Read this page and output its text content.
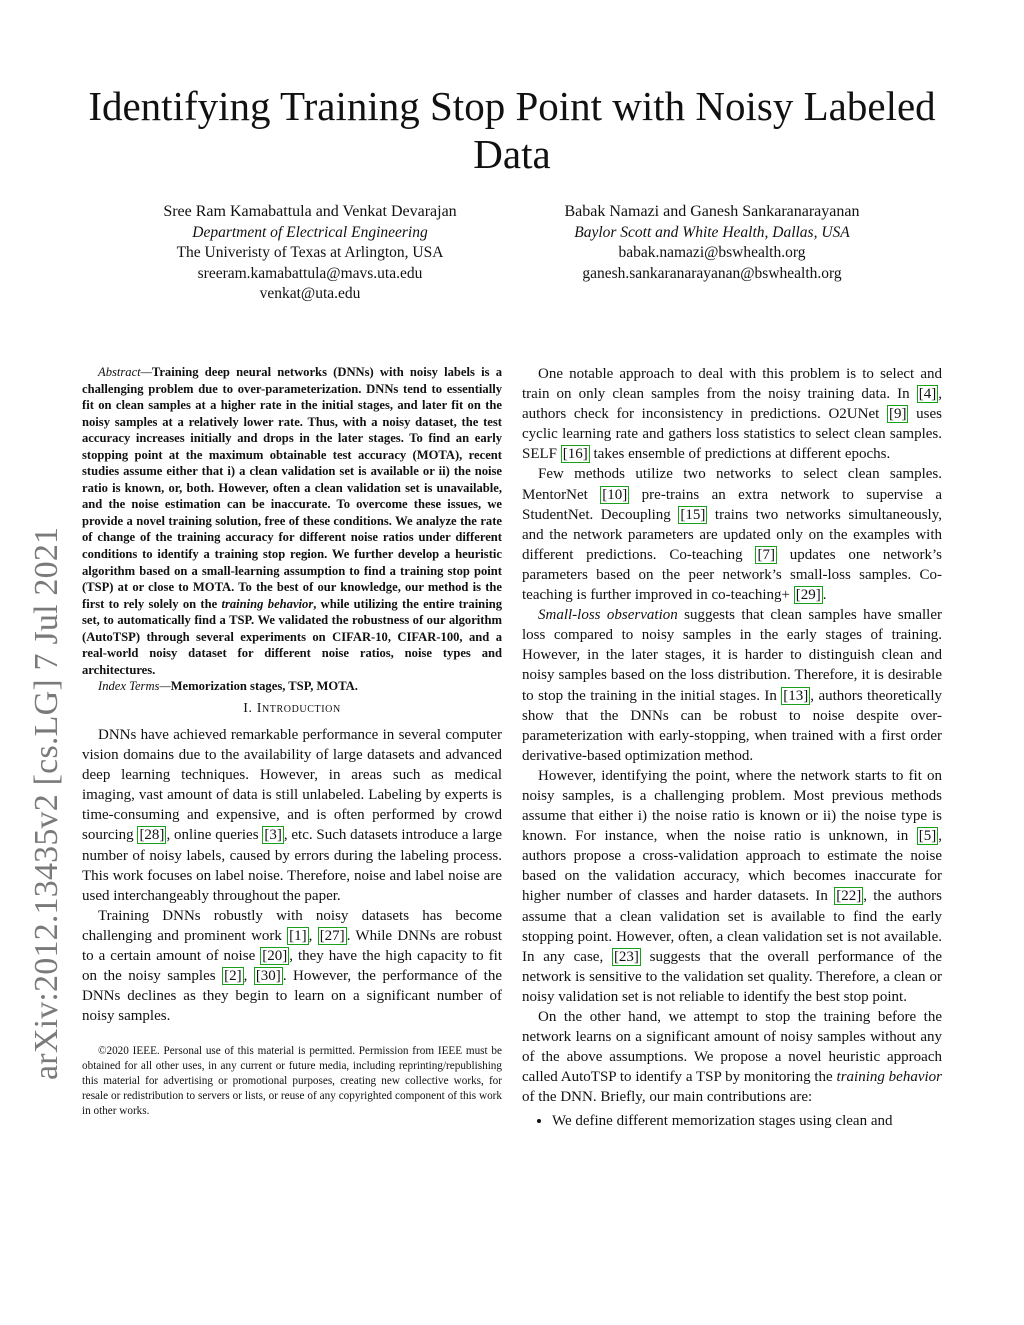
arXiv:2012.13435v2 [cs.LG] 7 Jul 2021
Identifying Training Stop Point with Noisy Labeled Data
Sree Ram Kamabattula and Venkat Devarajan
Department of Electrical Engineering
The Univeristy of Texas at Arlington, USA
sreeram.kamabattula@mavs.uta.edu
venkat@uta.edu
Babak Namazi and Ganesh Sankaranarayanan
Baylor Scott and White Health, Dallas, USA
babak.namazi@bswhealth.org
ganesh.sankaranarayanan@bswhealth.org

Abstract—Training deep neural networks (DNNs) with noisy labels is a challenging problem due to over-parameterization. DNNs tend to essentially fit on clean samples at a higher rate in the initial stages, and later fit on the noisy samples at a relatively lower rate. Thus, with a noisy dataset, the test accuracy increases initially and drops in the later stages. To find an early stopping point at the maximum obtainable test accuracy (MOTA), recent studies assume either that i) a clean validation set is available or ii) the noise ratio is known, or, both. However, often a clean validation set is unavailable, and the noise estimation can be inaccurate. To overcome these issues, we provide a novel training solution, free of these conditions. We analyze the rate of change of the training accuracy for different noise ratios under different conditions to identify a training stop region. We further develop a heuristic algorithm based on a small-learning assumption to find a training stop point (TSP) at or close to MOTA. To the best of our knowledge, our method is the first to rely solely on the training behavior, while utilizing the entire training set, to automatically find a TSP. We validated the robustness of our algorithm (AutoTSP) through several experiments on CIFAR-10, CIFAR-100, and a real-world noisy dataset for different noise ratios, noise types and architectures.

Index Terms—Memorization stages, TSP, MOTA.

I. Introduction

DNNs have achieved remarkable performance in several computer vision domains due to the availability of large datasets and advanced deep learning techniques. However, in areas such as medical imaging, vast amount of data is still unlabeled. Labeling by experts is time-consuming and expensive, and is often performed by crowd sourcing [28] , online queries [3] , etc. Such datasets introduce a large number of noisy labels, caused by errors during the labeling process. This work focuses on label noise. Therefore, noise and label noise are used interchangeably throughout the paper.

Training DNNs robustly with noisy datasets has become challenging and prominent work [1] , [27] . While DNNs are robust to a certain amount of noise [20] , they have the high capacity to fit on the noisy samples [2] , [30] . However, the performance of the DNNs declines as they begin to learn on a significant number of noisy samples.

©2020 IEEE. Personal use of this material is permitted. Permission from IEEE must be obtained for all other uses, in any current or future media, including reprinting/republishing this material for advertising or promotional purposes, creating new collective works, for resale or redistribution to servers or lists, or reuse of any copyrighted component of this work in other works.

One notable approach to deal with this problem is to select and train on only clean samples from the noisy training data. In [4] , authors check for inconsistency in predictions. O2UNet [9] uses cyclic learning rate and gathers loss statistics to select clean samples. SELF [16] takes ensemble of predictions at different epochs.

Few methods utilize two networks to select clean samples. MentorNet [10] pre-trains an extra network to supervise a StudentNet. Decoupling [15] trains two networks simultaneously, and the network parameters are updated only on the examples with different predictions. Co-teaching [7] updates one network’s parameters based on the peer network’s small-loss samples. Co-teaching is further improved in co-teaching+ [29] .

Small-loss observation suggests that clean samples have smaller loss compared to noisy samples in the early stages of training. However, in the later stages, it is harder to distinguish clean and noisy samples based on the loss distribution. Therefore, it is desirable to stop the training in the initial stages. In [13] , authors theoretically show that the DNNs can be robust to noise despite over-parameterization with early-stopping, when trained with a first order derivative-based optimization method.

However, identifying the point, where the network starts to fit on noisy samples, is a challenging problem. Most previous methods assume that either i) the noise ratio is known or ii) the noise type is known. For instance, when the noise ratio is unknown, in [5] , authors propose a cross-validation approach to estimate the noise based on the validation accuracy, which becomes inaccurate for higher number of classes and harder datasets. In [22] , the authors assume that a clean validation set is available to find the early stopping point. However, often, a clean validation set is not available. In any case, [23] suggests that the overall performance of the network is sensitive to the validation set quality. Therefore, a clean or noisy validation set is not reliable to identify the best stop point.

On the other hand, we attempt to stop the training before the network learns on a significant amount of noisy samples without any of the above assumptions. We propose a novel heuristic approach called AutoTSP to identify a TSP by monitoring the training behavior of the DNN. Briefly, our main contributions are:

• We define different memorization stages using clean and
